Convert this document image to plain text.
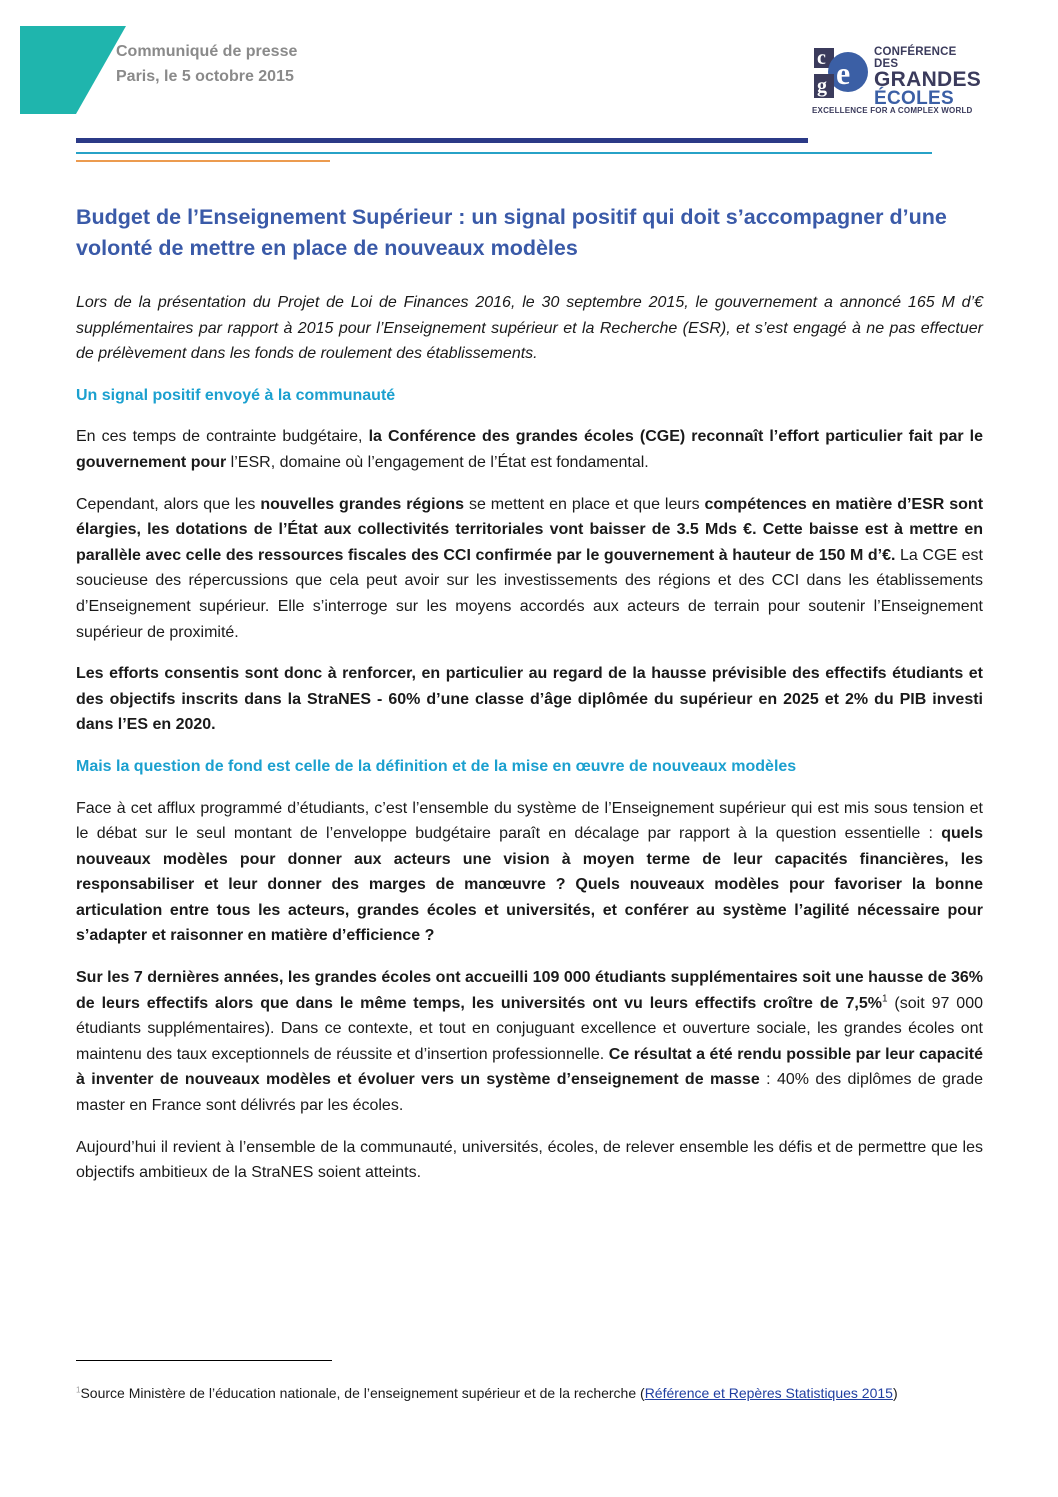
Communiqué de presse
Paris, le 5 octobre 2015
c e
g
CONFÉRENCE DES
GRANDES
ÉCOLES
EXCELLENCE FOR A COMPLEX WORLD
Budget de l’Enseignement Supérieur : un signal positif qui doit s’accompagner d’une volonté de mettre en place de nouveaux modèles

Lors de la présentation du Projet de Loi de Finances 2016, le 30 septembre 2015, le gouvernement a annoncé 165 M d’€ supplémentaires par rapport à 2015 pour l’Enseignement supérieur et la Recherche (ESR), et s’est engagé à ne pas effectuer de prélèvement dans les fonds de roulement des établissements.

Un signal positif envoyé à la communauté

En ces temps de contrainte budgétaire, la Conférence des grandes écoles (CGE) reconnaît l’effort particulier fait par le gouvernement pour l’ESR, domaine où l’engagement de l’État est fondamental.

Cependant, alors que les nouvelles grandes régions se mettent en place et que leurs compétences en matière d’ESR sont élargies, les dotations de l’État aux collectivités territoriales vont baisser de 3.5 Mds €. Cette baisse est à mettre en parallèle avec celle des ressources fiscales des CCI confirmée par le gouvernement à hauteur de 150 M d’€. La CGE est soucieuse des répercussions que cela peut avoir sur les investissements des régions et des CCI dans les établissements d’Enseignement supérieur. Elle s’interroge sur les moyens accordés aux acteurs de terrain pour soutenir l’Enseignement supérieur de proximité.

Les efforts consentis sont donc à renforcer, en particulier au regard de la hausse prévisible des effectifs étudiants et des objectifs inscrits dans la StraNES - 60% d’une classe d’âge diplômée du supérieur en 2025 et 2% du PIB investi dans l’ES en 2020.

Mais la question de fond est celle de la définition et de la mise en œuvre de nouveaux modèles

Face à cet afflux programmé d’étudiants, c’est l’ensemble du système de l’Enseignement supérieur qui est mis sous tension et le débat sur le seul montant de l’enveloppe budgétaire paraît en décalage par rapport à la question essentielle : quels nouveaux modèles pour donner aux acteurs une vision à moyen terme de leur capacités financières, les responsabiliser et leur donner des marges de manœuvre ? Quels nouveaux modèles pour favoriser la bonne articulation entre tous les acteurs, grandes écoles et universités, et conférer au système l’agilité nécessaire pour s’adapter et raisonner en matière d’efficience ?

Sur les 7 dernières années, les grandes écoles ont accueilli 109 000 étudiants supplémentaires soit une hausse de 36% de leurs effectifs alors que dans le même temps, les universités ont vu leurs effectifs croître de 7,5%$^1$ (soit 97 000 étudiants supplémentaires). Dans ce contexte, et tout en conjuguant excellence et ouverture sociale, les grandes écoles ont maintenu des taux exceptionnels de réussite et d’insertion professionnelle. Ce résultat a été rendu possible par leur capacité à inventer de nouveaux modèles et évoluer vers un système d’enseignement de masse : 40% des diplômes de grade master en France sont délivrés par les écoles.

Aujourd’hui il revient à l’ensemble de la communauté, universités, écoles, de relever ensemble les défis et de permettre que les objectifs ambitieux de la StraNES soient atteints.

$^1$Source Ministère de l’éducation nationale, de l’enseignement supérieur et de la recherche (Référence et Repères Statistiques 2015)
